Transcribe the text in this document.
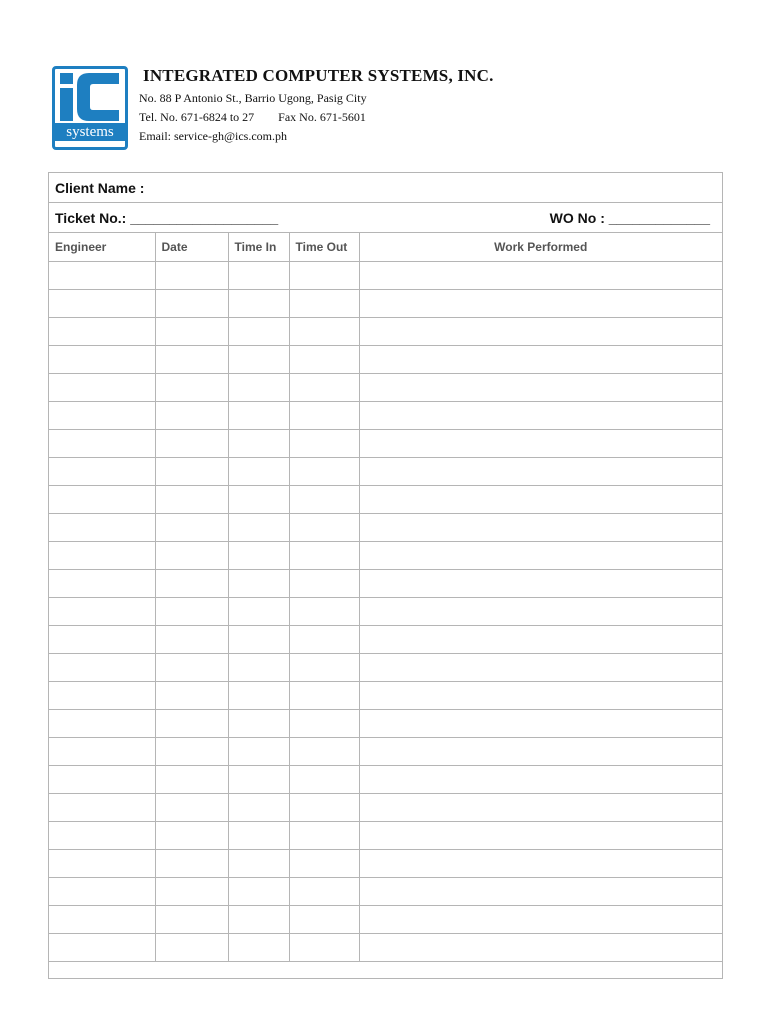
systems
INTEGRATED COMPUTER SYSTEMS, INC.
No. 88 P Antonio St., Barrio Ugong, Pasig City
Tel. No. 671-6824 to 27 Fax No. 671-5601
Email: service-gh@ics.com.ph
Client Name :
Ticket No.: ___________________	WO No : _____________
Engineer	Date	Time In	Time Out	Work Performed
